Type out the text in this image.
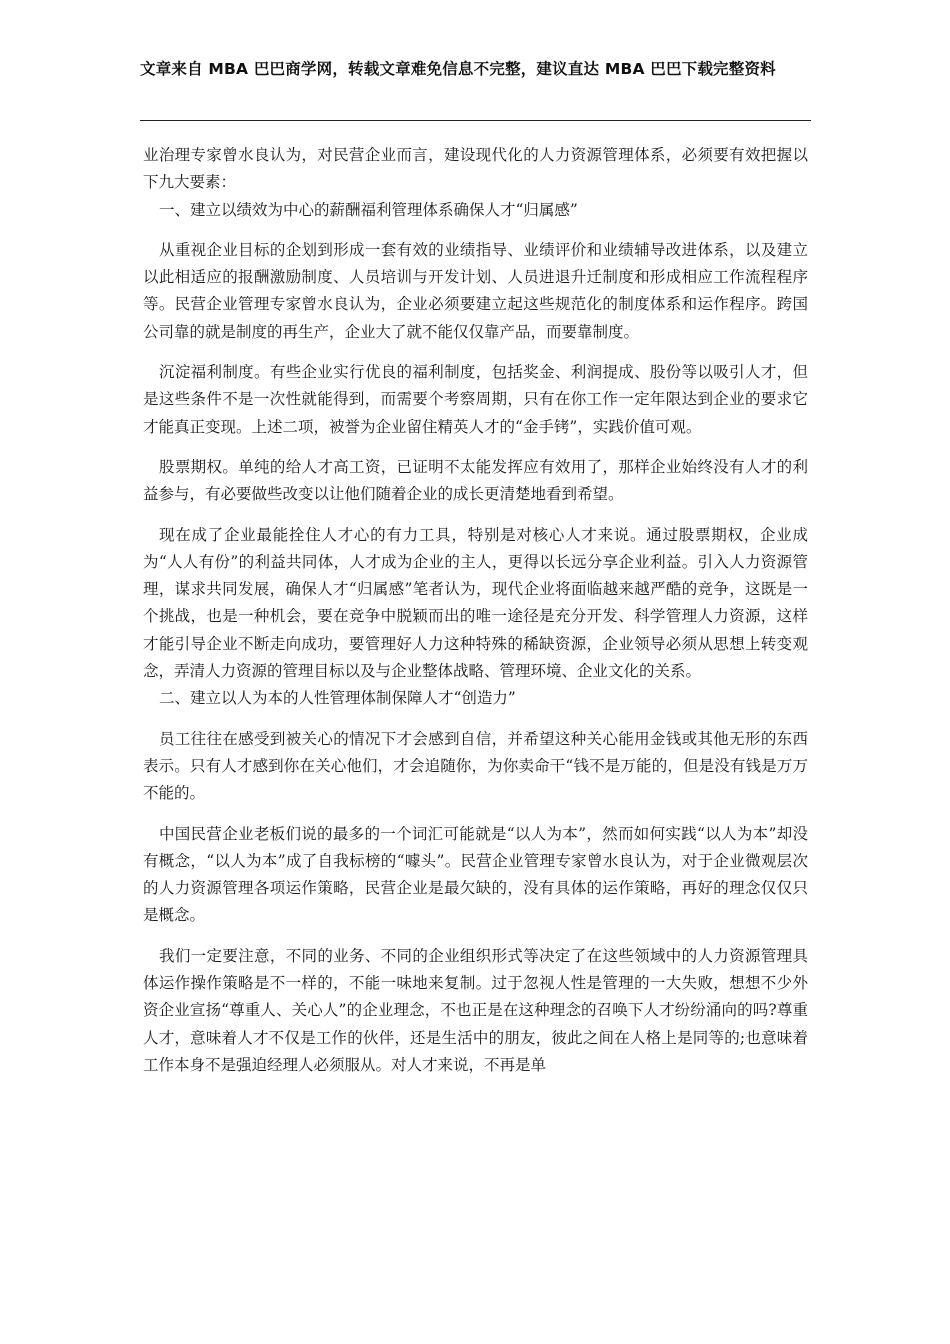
文章来自 MBA 巴巴商学网，转载文章难免信息不完整，建议直达 MBA 巴巴下载完整资料

业治理专家曾水良认为，对民营企业而言，建设现代化的人力资源管理体系，必须要有效把握以下九大要素：

一、建立以绩效为中心的薪酬福利管理体系确保人才“归属感”

从重视企业目标的企划到形成一套有效的业绩指导、业绩评价和业绩辅导改进体系，以及建立以此相适应的报酬激励制度、人员培训与开发计划、人员进退升迁制度和形成相应工作流程程序等。民营企业管理专家曾水良认为，企业必须要建立起这些规范化的制度体系和运作程序。跨国公司靠的就是制度的再生产，企业大了就不能仅仅靠产品，而要靠制度。

沉淀福利制度。有些企业实行优良的福利制度，包括奖金、利润提成、股份等以吸引人才，但是这些条件不是一次性就能得到，而需要个考察周期，只有在你工作一定年限达到企业的要求它才能真正变现。上述二项，被誉为企业留住精英人才的“金手铐”，实践价值可观。

股票期权。单纯的给人才高工资，已证明不太能发挥应有效用了，那样企业始终没有人才的利益参与，有必要做些改变以让他们随着企业的成长更清楚地看到希望。

现在成了企业最能拴住人才心的有力工具，特别是对核心人才来说。通过股票期权，企业成为“人人有份”的利益共同体，人才成为企业的主人，更得以长远分享企业利益。引入人力资源管理，谋求共同发展，确保人才“归属感”笔者认为，现代企业将面临越来越严酷的竞争，这既是一个挑战，也是一种机会，要在竞争中脱颖而出的唯一途径是充分开发、科学管理人力资源，这样才能引导企业不断走向成功，要管理好人力这种特殊的稀缺资源，企业领导必须从思想上转变观念，弄清人力资源的管理目标以及与企业整体战略、管理环境、企业文化的关系。

二、建立以人为本的人性管理体制保障人才“创造力”

员工往往在感受到被关心的情况下才会感到自信，并希望这种关心能用金钱或其他无形的东西表示。只有人才感到你在关心他们，才会追随你，为你卖命干“钱不是万能的，但是没有钱是万万不能的。

中国民营企业老板们说的最多的一个词汇可能就是“以人为本”，然而如何实践“以人为本”却没有概念，“以人为本”成了自我标榜的“噱头”。民营企业管理专家曾水良认为，对于企业微观层次的人力资源管理各项运作策略，民营企业是最欠缺的，没有具体的运作策略，再好的理念仅仅只是概念。

我们一定要注意，不同的业务、不同的企业组织形式等决定了在这些领域中的人力资源管理具体运作操作策略是不一样的，不能一味地来复制。过于忽视人性是管理的一大失败，想想不少外资企业宣扬“尊重人、关心人”的企业理念，不也正是在这种理念的召唤下人才纷纷涌向的吗?尊重人才，意味着人才不仅是工作的伙伴，还是生活中的朋友，彼此之间在人格上是同等的;也意味着工作本身不是强迫经理人必须服从。对人才来说，不再是单
